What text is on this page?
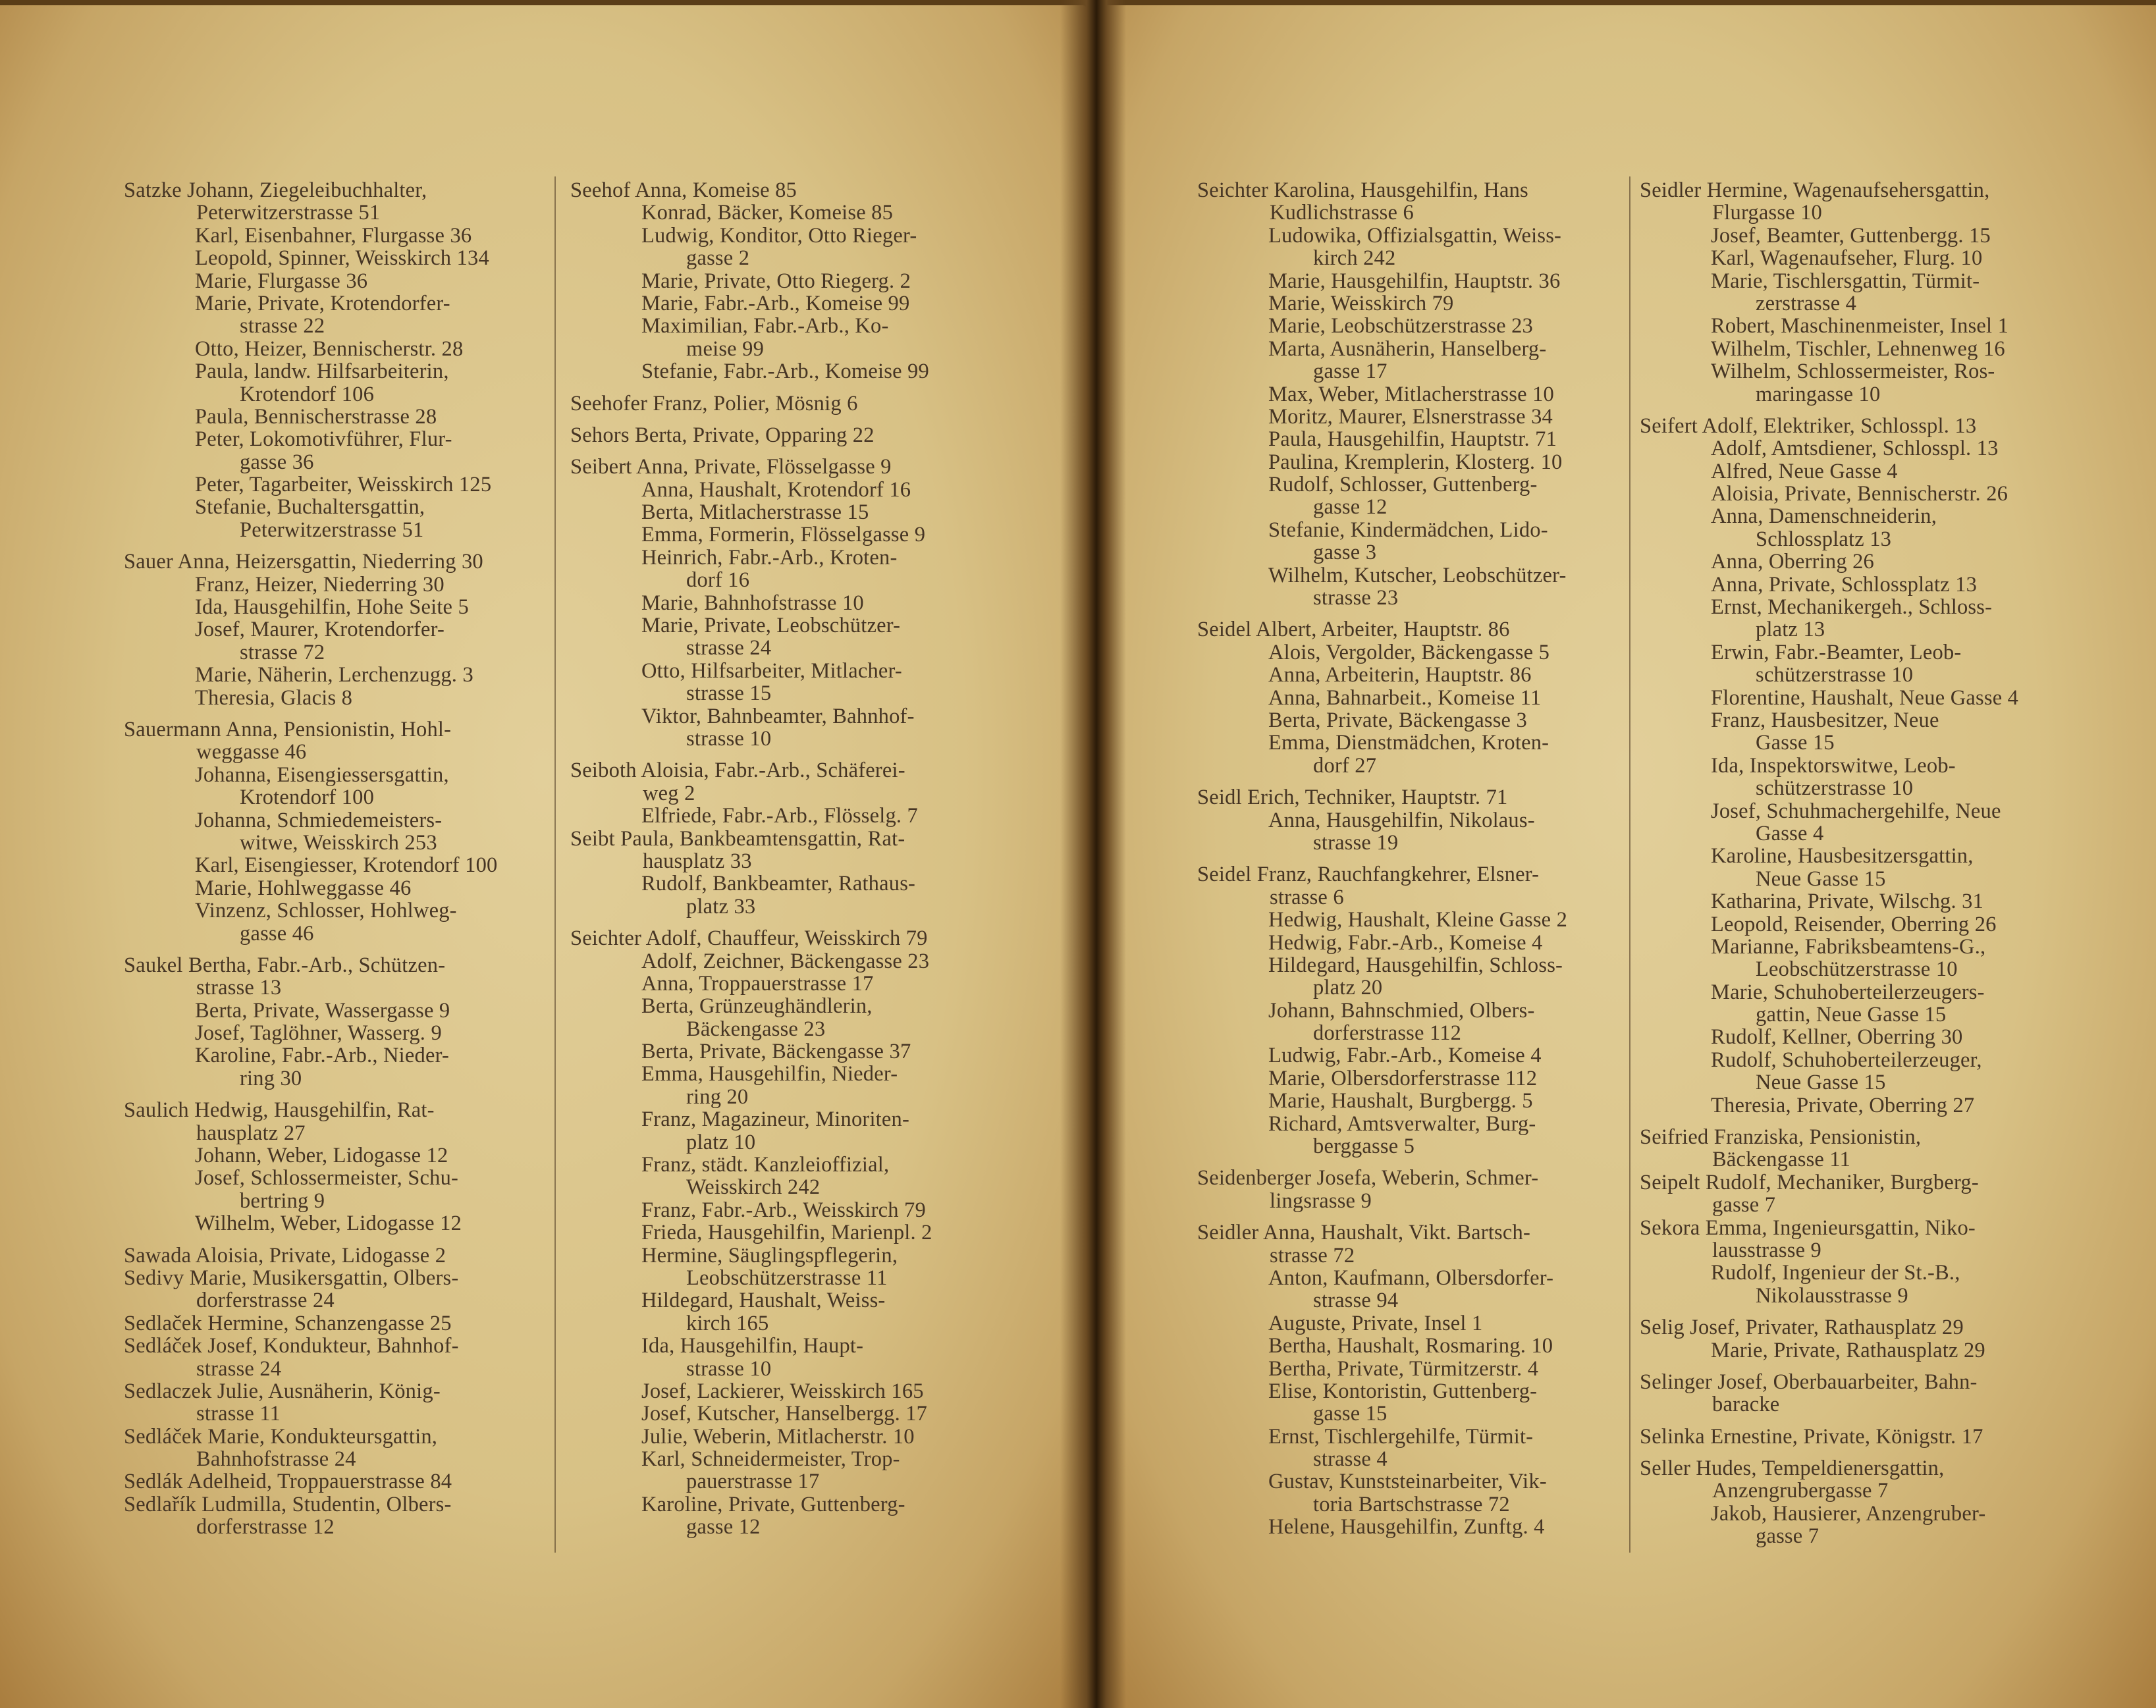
Satzke Johann, Ziegeleibuchhalter,
Peterwitzerstrasse 51
Karl, Eisenbahner, Flurgasse 36
Leopold, Spinner, Weisskirch 134
Marie, Flurgasse 36
Marie, Private, Krotendorfer-
strasse 22
Otto, Heizer, Bennischerstr. 28
Paula, landw. Hilfsarbeiterin,
Krotendorf 106
Paula, Bennischerstrasse 28
Peter, Lokomotivführer, Flur-
gasse 36
Peter, Tagarbeiter, Weisskirch 125
Stefanie, Buchaltersgattin,
Peterwitzerstrasse 51
Sauer Anna, Heizersgattin, Niederring 30
Franz, Heizer, Niederring 30
Ida, Hausgehilfin, Hohe Seite 5
Josef, Maurer, Krotendorfer-
strasse 72
Marie, Näherin, Lerchenzugg. 3
Theresia, Glacis 8
Sauermann Anna, Pensionistin, Hohl-
weggasse 46
Johanna, Eisengiessersgattin,
Krotendorf 100
Johanna, Schmiedemeisters-
witwe, Weisskirch 253
Karl, Eisengiesser, Krotendorf 100
Marie, Hohlweggasse 46
Vinzenz, Schlosser, Hohlweg-
gasse 46
Saukel Bertha, Fabr.-Arb., Schützen-
strasse 13
Berta, Private, Wassergasse 9
Josef, Taglöhner, Wasserg. 9
Karoline, Fabr.-Arb., Nieder-
ring 30
Saulich Hedwig, Hausgehilfin, Rat-
hausplatz 27
Johann, Weber, Lidogasse 12
Josef, Schlossermeister, Schu-
bertring 9
Wilhelm, Weber, Lidogasse 12
Sawada Aloisia, Private, Lidogasse 2
Sedivy Marie, Musikersgattin, Olbers-
dorferstrasse 24
Sedlaček Hermine, Schanzengasse 25
Sedláček Josef, Kondukteur, Bahnhof-
strasse 24
Sedlaczek Julie, Ausnäherin, König-
strasse 11
Sedláček Marie, Kondukteursgattin,
Bahnhofstrasse 24
Sedlák Adelheid, Troppauerstrasse 84
Sedlařík Ludmilla, Studentin, Olbers-
dorferstrasse 12
Seehof Anna, Komeise 85
Konrad, Bäcker, Komeise 85
Ludwig, Konditor, Otto Rieger-
gasse 2
Marie, Private, Otto Riegerg. 2
Marie, Fabr.-Arb., Komeise 99
Maximilian, Fabr.-Arb., Ko-
meise 99
Stefanie, Fabr.-Arb., Komeise 99
Seehofer Franz, Polier, Mösnig 6
Sehors Berta, Private, Opparing 22
Seibert Anna, Private, Flösselgasse 9
Anna, Haushalt, Krotendorf 16
Berta, Mitlacherstrasse 15
Emma, Formerin, Flösselgasse 9
Heinrich, Fabr.-Arb., Kroten-
dorf 16
Marie, Bahnhofstrasse 10
Marie, Private, Leobschützer-
strasse 24
Otto, Hilfsarbeiter, Mitlacher-
strasse 15
Viktor, Bahnbeamter, Bahnhof-
strasse 10
Seiboth Aloisia, Fabr.-Arb., Schäferei-
weg 2
Elfriede, Fabr.-Arb., Flösselg. 7
Seibt Paula, Bankbeamtensgattin, Rat-
hausplatz 33
Rudolf, Bankbeamter, Rathaus-
platz 33
Seichter Adolf, Chauffeur, Weisskirch 79
Adolf, Zeichner, Bäckengasse 23
Anna, Troppauerstrasse 17
Berta, Grünzeughändlerin,
Bäckengasse 23
Berta, Private, Bäckengasse 37
Emma, Hausgehilfin, Nieder-
ring 20
Franz, Magazineur, Minoriten-
platz 10
Franz, städt. Kanzleioffizial,
Weisskirch 242
Franz, Fabr.-Arb., Weisskirch 79
Frieda, Hausgehilfin, Marienpl. 2
Hermine, Säuglingspflegerin,
Leobschützerstrasse 11
Hildegard, Haushalt, Weiss-
kirch 165
Ida, Hausgehilfin, Haupt-
strasse 10
Josef, Lackierer, Weisskirch 165
Josef, Kutscher, Hanselbergg. 17
Julie, Weberin, Mitlacherstr. 10
Karl, Schneidermeister, Trop-
pauerstrasse 17
Karoline, Private, Guttenberg-
gasse 12
Seichter Karolina, Hausgehilfin, Hans
Kudlichstrasse 6
Ludowika, Offizialsgattin, Weiss-
kirch 242
Marie, Hausgehilfin, Hauptstr. 36
Marie, Weisskirch 79
Marie, Leobschützerstrasse 23
Marta, Ausnäherin, Hanselberg-
gasse 17
Max, Weber, Mitlacherstrasse 10
Moritz, Maurer, Elsnerstrasse 34
Paula, Hausgehilfin, Hauptstr. 71
Paulina, Kremplerin, Klosterg. 10
Rudolf, Schlosser, Guttenberg-
gasse 12
Stefanie, Kindermädchen, Lido-
gasse 3
Wilhelm, Kutscher, Leobschützer-
strasse 23
Seidel Albert, Arbeiter, Hauptstr. 86
Alois, Vergolder, Bäckengasse 5
Anna, Arbeiterin, Hauptstr. 86
Anna, Bahnarbeit., Komeise 11
Berta, Private, Bäckengasse 3
Emma, Dienstmädchen, Kroten-
dorf 27
Seidl Erich, Techniker, Hauptstr. 71
Anna, Hausgehilfin, Nikolaus-
strasse 19
Seidel Franz, Rauchfangkehrer, Elsner-
strasse 6
Hedwig, Haushalt, Kleine Gasse 2
Hedwig, Fabr.-Arb., Komeise 4
Hildegard, Hausgehilfin, Schloss-
platz 20
Johann, Bahnschmied, Olbers-
dorferstrasse 112
Ludwig, Fabr.-Arb., Komeise 4
Marie, Olbersdorferstrasse 112
Marie, Haushalt, Burgbergg. 5
Richard, Amtsverwalter, Burg-
berggasse 5
Seidenberger Josefa, Weberin, Schmer-
lingsrasse 9
Seidler Anna, Haushalt, Vikt. Bartsch-
strasse 72
Anton, Kaufmann, Olbersdorfer-
strasse 94
Auguste, Private, Insel 1
Bertha, Haushalt, Rosmaring. 10
Bertha, Private, Türmitzerstr. 4
Elise, Kontoristin, Guttenberg-
gasse 15
Ernst, Tischlergehilfe, Türmit-
strasse 4
Gustav, Kunststeinarbeiter, Vik-
toria Bartschstrasse 72
Helene, Hausgehilfin, Zunftg. 4
Seidler Hermine, Wagenaufsehersgattin,
Flurgasse 10
Josef, Beamter, Guttenbergg. 15
Karl, Wagenaufseher, Flurg. 10
Marie, Tischlersgattin, Türmit-
zerstrasse 4
Robert, Maschinenmeister, Insel 1
Wilhelm, Tischler, Lehnenweg 16
Wilhelm, Schlossermeister, Ros-
maringasse 10
Seifert Adolf, Elektriker, Schlosspl. 13
Adolf, Amtsdiener, Schlosspl. 13
Alfred, Neue Gasse 4
Aloisia, Private, Bennischerstr. 26
Anna, Damenschneiderin,
Schlossplatz 13
Anna, Oberring 26
Anna, Private, Schlossplatz 13
Ernst, Mechanikergeh., Schloss-
platz 13
Erwin, Fabr.-Beamter, Leob-
schützerstrasse 10
Florentine, Haushalt, Neue Gasse 4
Franz, Hausbesitzer, Neue
Gasse 15
Ida, Inspektorswitwe, Leob-
schützerstrasse 10
Josef, Schuhmachergehilfe, Neue
Gasse 4
Karoline, Hausbesitzersgattin,
Neue Gasse 15
Katharina, Private, Wilschg. 31
Leopold, Reisender, Oberring 26
Marianne, Fabriksbeamtens-G.,
Leobschützerstrasse 10
Marie, Schuhoberteilerzeugers-
gattin, Neue Gasse 15
Rudolf, Kellner, Oberring 30
Rudolf, Schuhoberteilerzeuger,
Neue Gasse 15
Theresia, Private, Oberring 27
Seifried Franziska, Pensionistin,
Bäckengasse 11
Seipelt Rudolf, Mechaniker, Burgberg-
gasse 7
Sekora Emma, Ingenieursgattin, Niko-
lausstrasse 9
Rudolf, Ingenieur der St.-B.,
Nikolausstrasse 9
Selig Josef, Privater, Rathausplatz 29
Marie, Private, Rathausplatz 29
Selinger Josef, Oberbauarbeiter, Bahn-
baracke
Selinka Ernestine, Private, Königstr. 17
Seller Hudes, Tempeldienersgattin,
Anzengrubergasse 7
Jakob, Hausierer, Anzengruber-
gasse 7
